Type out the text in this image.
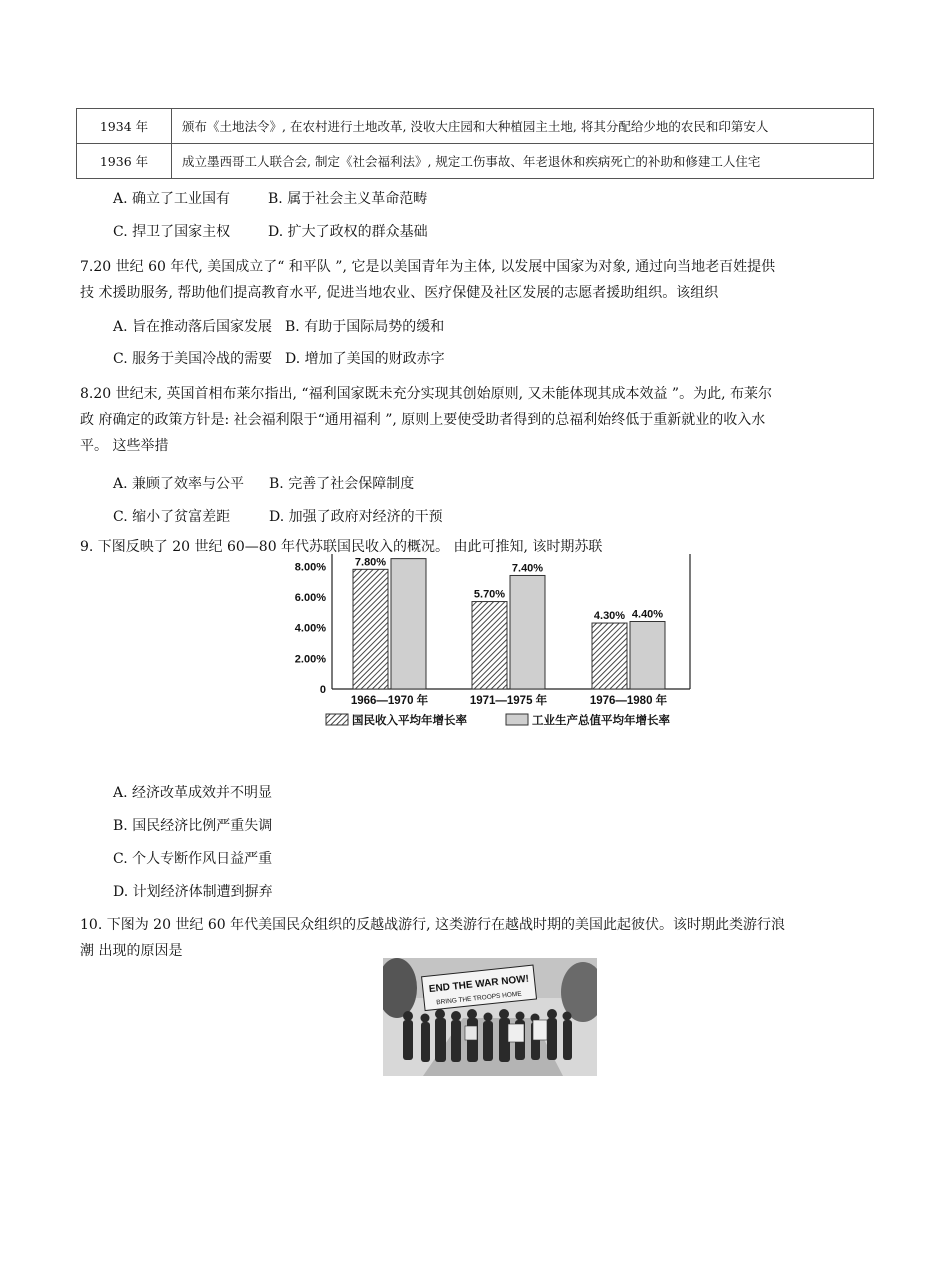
1934 年	颁布《土地法令》, 在农村进行土地改革, 没收大庄园和大种植园主土地, 将其分配给少地的农民和印第安人
1936 年	成立墨西哥工人联合会, 制定《社会福利法》, 规定工伤事故、年老退休和疾病死亡的补助和修建工人住宅
A. 确立了工业国有	B. 属于社会主义革命范畴
C. 捍卫了国家主权	D. 扩大了政权的群众基础
7.20 世纪 60 年代, 美国成立了“ 和平队 ”, 它是以美国青年为主体, 以发展中国家为对象, 通过向当地老百姓提供
技 术援助服务, 帮助他们提高教育水平, 促进当地农业、医疗保健及社区发展的志愿者援助组织。该组织
A. 旨在推动落后国家发展 B. 有助于国际局势的缓和
C. 服务于美国冷战的需要 D. 增加了美国的财政赤字
8.20 世纪末, 英国首相布莱尔指出, “福利国家既未充分实现其创始原则, 又未能体现其成本效益 ”。为此, 布莱尔
政 府确定的政策方针是: 社会福利限于“通用福利 ”, 原则上要使受助者得到的总福利始终低于重新就业的收入水
平。 这些举措
A. 兼顾了效率与公平 B. 完善了社会保障制度
C. 缩小了贫富差距	D. 加强了政府对经济的干预
9. 下图反映了 20 世纪 60—80 年代苏联国民收入的概况。 由此可推知, 该时期苏联
0
2.00%
4.00%
6.00%
8.00%	7.80%
1966—1970 年
5.70%
7.40%
1971—1975 年
4.30% 4.40%
1976—1980 年
国民收入平均年增长率	工业生产总值平均年增长率
A. 经济改革成效并不明显
B. 国民经济比例严重失调
C. 个人专断作风日益严重
D. 计划经济体制遭到摒弃
10. 下图为 20 世纪 60 年代美国民众组织的反越战游行, 这类游行在越战时期的美国此起彼伏。该时期此类游行浪
潮 出现的原因是
END THE WAR NOW!
BRING THE TROOPS HOME
